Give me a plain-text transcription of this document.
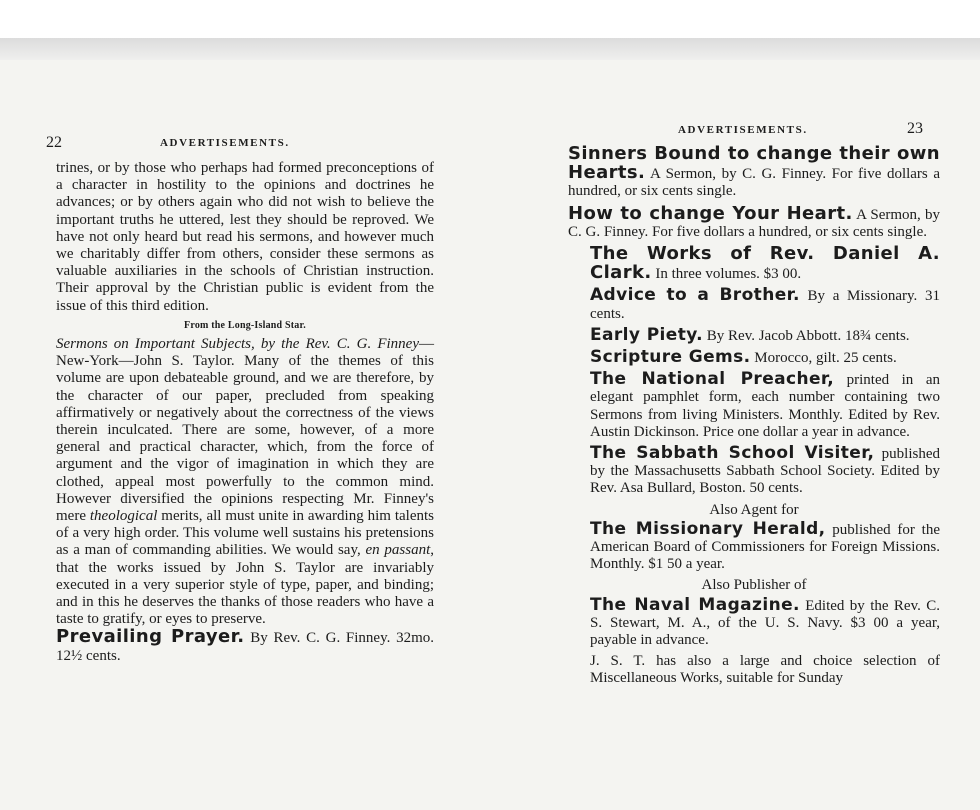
22	ADVERTISEMENTS.

trines, or by those who perhaps had formed preconceptions of a character in hostility to the opinions and doctrines he advances; or by others again who did not wish to believe the important truths he uttered, lest they should be reproved. We have not only heard but read his sermons, and however much we charitably differ from others, consider these sermons as valuable auxiliaries in the schools of Christian instruction. Their approval by the Christian public is evident from the issue of this third edition.

From the Long-Island Star.

Sermons on Important Subjects, by the Rev. C. G. Finney—New-York—John S. Taylor. Many of the themes of this volume are upon debateable ground, and we are therefore, by the character of our paper, precluded from speaking affirmatively or negatively about the correctness of the views therein inculcated. There are some, however, of a more general and practical character, which, from the force of argument and the vigor of imagination in which they are clothed, appeal most powerfully to the common mind. However diversified the opinions respecting Mr. Finney's mere theological merits, all must unite in awarding him talents of a very high order. This volume well sustains his pretensions as a man of commanding abilities. We would say, en passant, that the works issued by John S. Taylor are invariably executed in a very superior style of type, paper, and binding; and in this he deserves the thanks of those readers who have a taste to gratify, or eyes to preserve.

Prevailing Prayer. By Rev. C. G. Finney. 32mo. 12½ cents.

ADVERTISEMENTS.	23

Sinners Bound to change their own Hearts. A Sermon, by C. G. Finney. For five dollars a hundred, or six cents single.

How to change Your Heart. A Sermon, by C. G. Finney. For five dollars a hundred, or six cents single.

The Works of Rev. Daniel A. Clark. In three volumes. $3 00.

Advice to a Brother. By a Missionary. 31 cents.

Early Piety. By Rev. Jacob Abbott. 18¾ cents.

Scripture Gems. Morocco, gilt. 25 cents.

The National Preacher, printed in an elegant pamphlet form, each number containing two Sermons from living Ministers. Monthly. Edited by Rev. Austin Dickinson. Price one dollar a year in advance.

The Sabbath School Visiter, published by the Massachusetts Sabbath School Society. Edited by Rev. Asa Bullard, Boston. 50 cents.

Also Agent for

The Missionary Herald, published for the American Board of Commissioners for Foreign Missions. Monthly. $1 50 a year.

Also Publisher of

The Naval Magazine. Edited by the Rev. C. S. Stewart, M. A., of the U. S. Navy. $3 00 a year, payable in advance.

J. S. T. has also a large and choice selection of Miscellaneous Works, suitable for Sunday
